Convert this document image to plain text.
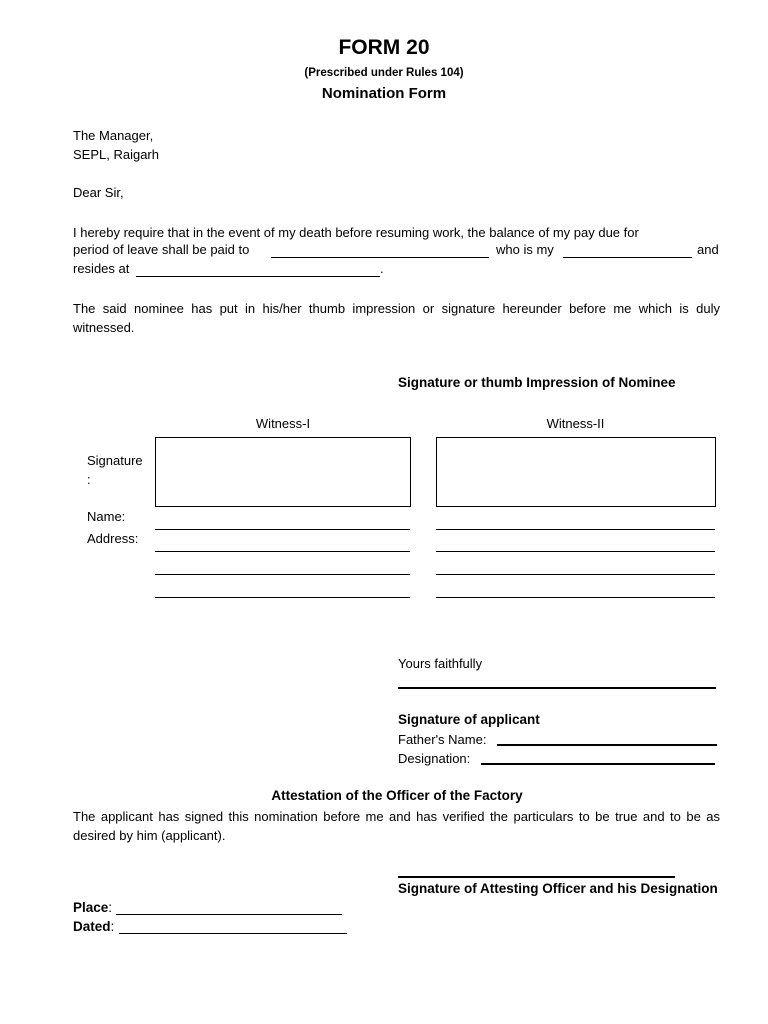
FORM 20
(Prescribed under Rules 104)
Nomination Form
The Manager,
SEPL, Raigarh
Dear Sir,
I hereby require that in the event of my death before resuming work, the balance of my pay due for
period of leave shall be paid to	who is my	and
resides at	.
The said nominee has put in his/her thumb impression or signature hereunder before me which is duly witnessed.
Signature or thumb Impression of Nominee
Witness-I	Witness-II
Signature
:
Name:
Address:
Yours faithfully
Signature of applicant
Father's Name:
Designation:
Attestation of the Officer of the Factory
The applicant has signed this nomination before me and has verified the particulars to be true and to be as desired by him (applicant).
Signature of Attesting Officer and his Designation
Place:
Dated:
